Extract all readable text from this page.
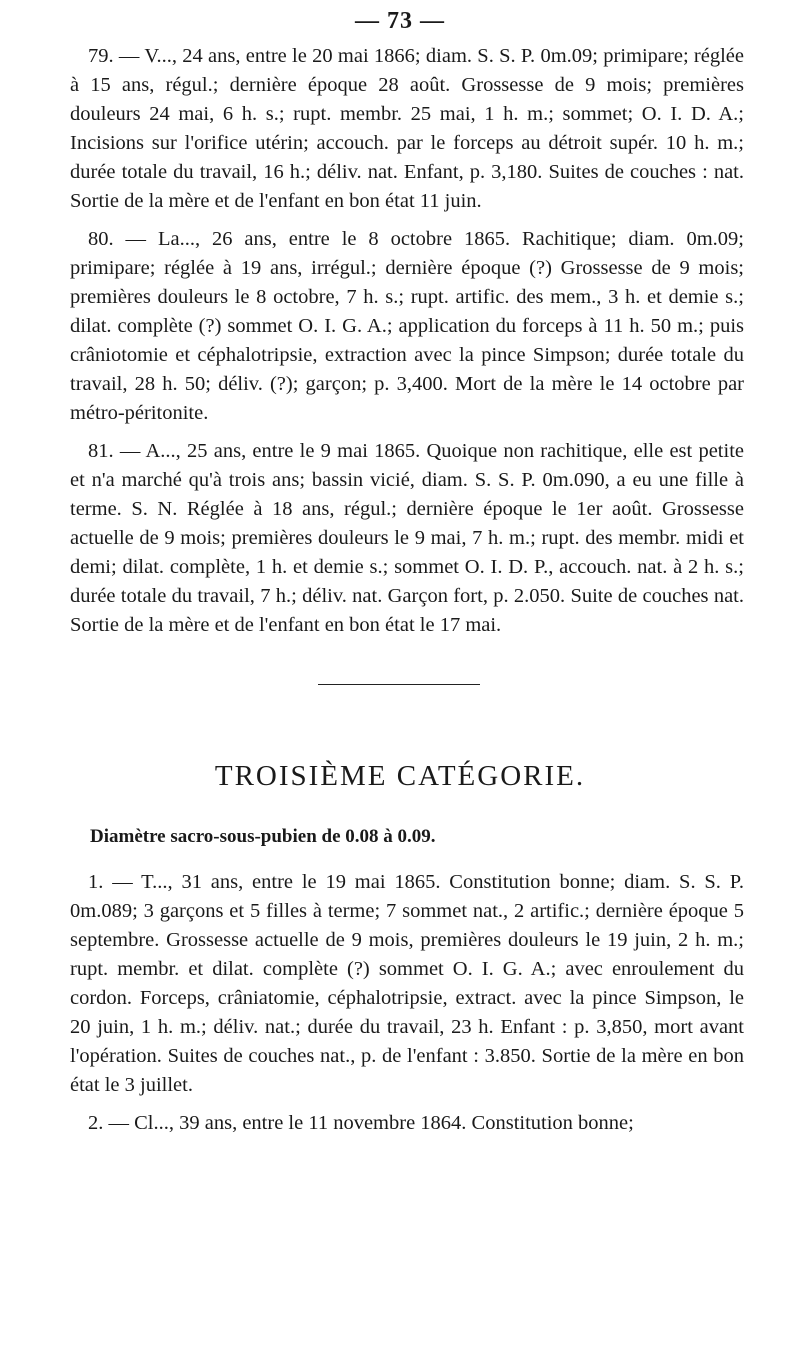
— 73 —

79. — V..., 24 ans, entre le 20 mai 1866; diam. S. S. P. 0m.09; primipare; réglée à 15 ans, régul.; dernière époque 28 août. Grossesse de 9 mois; premières douleurs 24 mai, 6 h. s.; rupt. membr. 25 mai, 1 h. m.; sommet; O. I. D. A.; Incisions sur l'orifice utérin; accouch. par le forceps au détroit supér. 10 h. m.; durée totale du travail, 16 h.; déliv. nat. Enfant, p. 3,180. Suites de couches : nat. Sortie de la mère et de l'enfant en bon état 11 juin.

80. — La..., 26 ans, entre le 8 octobre 1865. Rachitique; diam. 0m.09; primipare; réglée à 19 ans, irrégul.; dernière époque (?) Grossesse de 9 mois; premières douleurs le 8 octobre, 7 h. s.; rupt. artific. des mem., 3 h. et demie s.; dilat. complète (?) sommet O. I. G. A.; application du forceps à 11 h. 50 m.; puis crâniotomie et céphalotripsie, extraction avec la pince Simpson; durée totale du travail, 28 h. 50; déliv. (?); garçon; p. 3,400. Mort de la mère le 14 octobre par métro-péritonite.

81. — A..., 25 ans, entre le 9 mai 1865. Quoique non rachitique, elle est petite et n'a marché qu'à trois ans; bassin vicié, diam. S. S. P. 0m.090, a eu une fille à terme. S. N. Réglée à 18 ans, régul.; dernière époque le 1er août. Grossesse actuelle de 9 mois; premières douleurs le 9 mai, 7 h. m.; rupt. des membr. midi et demi; dilat. complète, 1 h. et demie s.; sommet O. I. D. P., accouch. nat. à 2 h. s.; durée totale du travail, 7 h.; déliv. nat. Garçon fort, p. 2.050. Suite de couches nat. Sortie de la mère et de l'enfant en bon état le 17 mai.

TROISIÈME CATÉGORIE.
Diamètre sacro-sous-pubien de 0.08 à 0.09.

1. — T..., 31 ans, entre le 19 mai 1865. Constitution bonne; diam. S. S. P. 0m.089; 3 garçons et 5 filles à terme; 7 sommet nat., 2 artific.; dernière époque 5 septembre. Grossesse actuelle de 9 mois, premières douleurs le 19 juin, 2 h. m.; rupt. membr. et dilat. complète (?) sommet O. I. G. A.; avec enroulement du cordon. Forceps, crâniatomie, céphalotripsie, extract. avec la pince Simpson, le 20 juin, 1 h. m.; déliv. nat.; durée du travail, 23 h. Enfant : p. 3,850, mort avant l'opération. Suites de couches nat., p. de l'enfant : 3.850. Sortie de la mère en bon état le 3 juillet.

2. — Cl..., 39 ans, entre le 11 novembre 1864. Constitution bonne;
